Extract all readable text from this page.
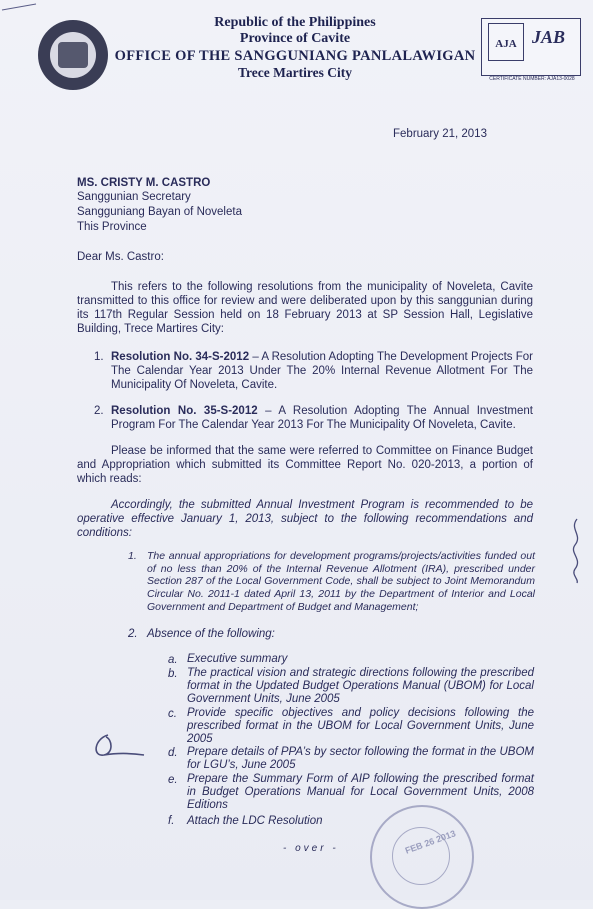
Republic of the Philippines
Province of Cavite
OFFICE OF THE SANGGUNIANG PANLALAWIGAN
Trece Martires City
AJA JAB
CERTIFICATE NUMBER: AJA13-0028
February 21, 2013
MS. CRISTY M. CASTRO
Sanggunian Secretary
Sangguniang Bayan of Noveleta
This Province
Dear Ms. Castro:
This refers to the following resolutions from the municipality of Noveleta, Cavite transmitted to this office for review and were deliberated upon by this sanggunian during its 117th Regular Session held on 18 February 2013 at SP Session Hall, Legislative Building, Trece Martires City:
1. Resolution No. 34-S-2012 – A Resolution Adopting The Development Projects For The Calendar Year 2013 Under The 20% Internal Revenue Allotment For The Municipality Of Noveleta, Cavite.
2. Resolution No. 35-S-2012 – A Resolution Adopting The Annual Investment Program For The Calendar Year 2013 For The Municipality Of Noveleta, Cavite.
Please be informed that the same were referred to Committee on Finance Budget and Appropriation which submitted its Committee Report No. 020-2013, a portion of which reads:
Accordingly, the submitted Annual Investment Program is recommended to be operative effective January 1, 2013, subject to the following recommendations and conditions:
1. The annual appropriations for development programs/projects/activities funded out of no less than 20% of the Internal Revenue Allotment (IRA), prescribed under Section 287 of the Local Government Code, shall be subject to Joint Memorandum Circular No. 2011-1 dated April 13, 2011 by the Department of Interior and Local Government and Department of Budget and Management;
2. Absence of the following:
a. Executive summary
b. The practical vision and strategic directions following the prescribed format in the Updated Budget Operations Manual (UBOM) for Local Government Units, June 2005
c. Provide specific objectives and policy decisions following the prescribed format in the UBOM for Local Government Units, June 2005
d. Prepare details of PPA’s by sector following the format in the UBOM for LGU’s, June 2005
e. Prepare the Summary Form of AIP following the prescribed format in Budget Operations Manual for Local Government Units, 2008 Editions
f. Attach the LDC Resolution
- over -	FEB 26 2013
